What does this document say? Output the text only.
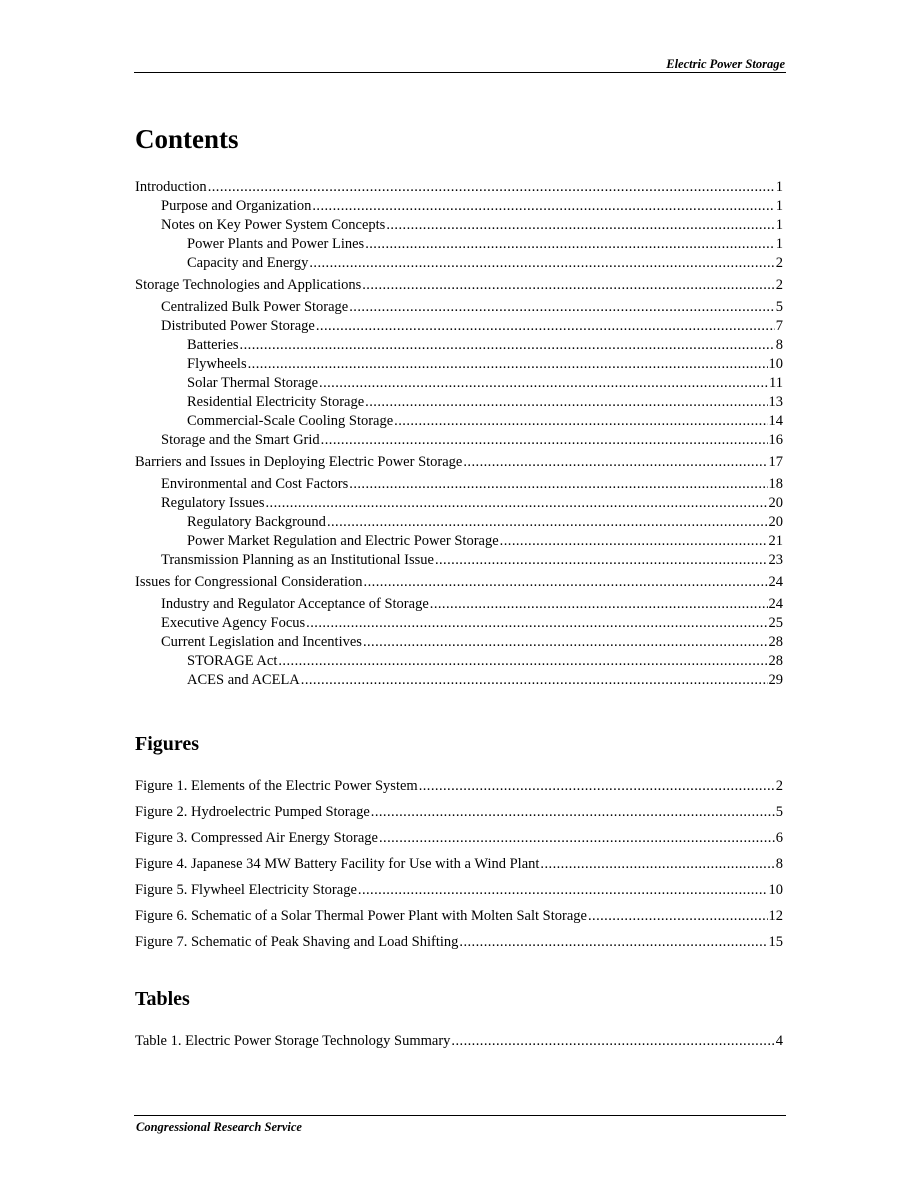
Electric Power Storage
Contents
Introduction . . .	1
Purpose and Organization . . .	1
Notes on Key Power System Concepts . . .	1
Power Plants and Power Lines . . .	1
Capacity and Energy . . .	2
Storage Technologies and Applications . . .	2
Centralized Bulk Power Storage . . .	5
Distributed Power Storage . . .	7
Batteries . . .	8
Flywheels . . .	10
Solar Thermal Storage . . .	11
Residential Electricity Storage . . .	13
Commercial-Scale Cooling Storage . . .	14
Storage and the Smart Grid . . .	16
Barriers and Issues in Deploying Electric Power Storage . . .	17
Environmental and Cost Factors . . .	18
Regulatory Issues . . .	20
Regulatory Background . . .	20
Power Market Regulation and Electric Power Storage . . .	21
Transmission Planning as an Institutional Issue . . .	23
Issues for Congressional Consideration . . .	24
Industry and Regulator Acceptance of Storage . . .	24
Executive Agency Focus . . .	25
Current Legislation and Incentives . . .	28
STORAGE Act . . .	28
ACES and ACELA . . .	29
Figures
Figure 1. Elements of the Electric Power System . . .	2
Figure 2. Hydroelectric Pumped Storage . . .	5
Figure 3. Compressed Air Energy Storage . . .	6
Figure 4. Japanese 34 MW Battery Facility for Use with a Wind Plant . . .	8
Figure 5. Flywheel Electricity Storage . . .	10
Figure 6. Schematic of a Solar Thermal Power Plant with Molten Salt Storage . . .	12
Figure 7. Schematic of Peak Shaving and Load Shifting . . .	15
Tables
Table 1. Electric Power Storage Technology Summary . . .	4
Congressional Research Service
